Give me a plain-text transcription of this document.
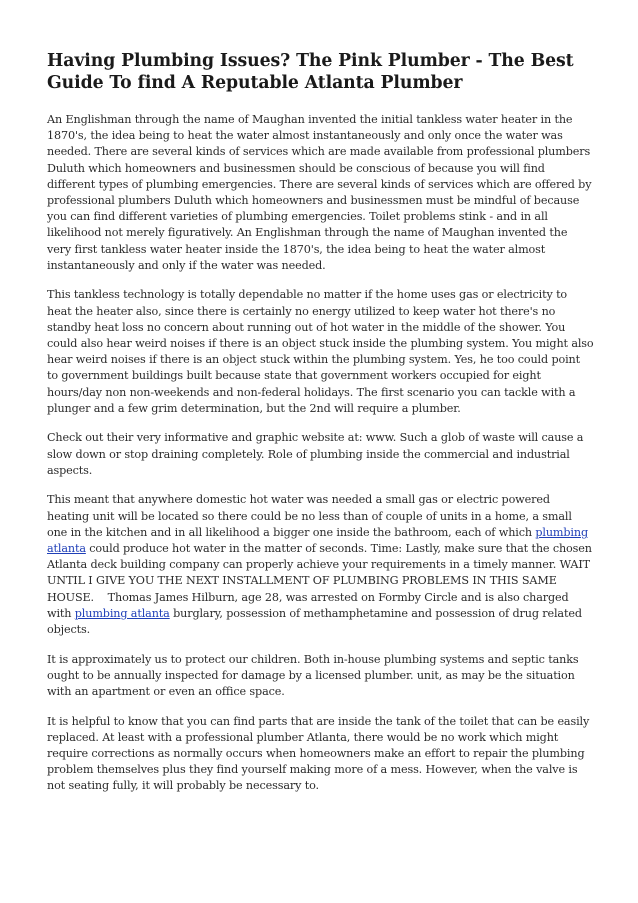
Having Plumbing Issues? The Pink Plumber - The Best Guide To find A Reputable Atlanta Plumber

An Englishman through the name of Maughan invented the initial tankless water heater in the 1870's, the idea being to heat the water almost instantaneously and only once the water was needed. There are several kinds of services which are made available from professional plumbers Duluth which homeowners and businessmen should be conscious of because you will find different types of plumbing emergencies. There are several kinds of services which are offered by professional plumbers Duluth which homeowners and businessmen must be mindful of because you can find different varieties of plumbing emergencies. Toilet problems stink - and in all likelihood not merely figuratively. An Englishman through the name of Maughan invented the very first tankless water heater inside the 1870's, the idea being to heat the water almost instantaneously and only if the water was needed.

This tankless technology is totally dependable no matter if the home uses gas or electricity to heat the heater also, since there is certainly no energy utilized to keep water hot there's no standby heat loss no concern about running out of hot water in the middle of the shower. You could also hear weird noises if there is an object stuck inside the plumbing system. You might also hear weird noises if there is an object stuck within the plumbing system. Yes, he too could point to government buildings built because state that government workers occupied for eight hours/day non non-weekends and non-federal holidays. The first scenario you can tackle with a plunger and a few grim determination, but the 2nd will require a plumber.

Check out their very informative and graphic website at: www. Such a glob of waste will cause a slow down or stop draining completely. Role of plumbing inside the commercial and industrial aspects.

This meant that anywhere domestic hot water was needed a small gas or electric powered heating unit will be located so there could be no less than of couple of units in a home, a small one in the kitchen and in all likelihood a bigger one inside the bathroom, each of which plumbing atlanta could produce hot water in the matter of seconds. Time: Lastly, make sure that the chosen Atlanta deck building company can properly achieve your requirements in a timely manner. WAIT UNTIL I GIVE YOU THE NEXT INSTALLMENT OF PLUMBING PROBLEMS IN THIS SAME HOUSE.    Thomas James Hilburn, age 28, was arrested on Formby Circle and is also charged with plumbing atlanta burglary, possession of methamphetamine and possession of drug related objects.

It is approximately us to protect our children. Both in-house plumbing systems and septic tanks ought to be annually inspected for damage by a licensed plumber. unit, as may be the situation with an apartment or even an office space.

It is helpful to know that you can find parts that are inside the tank of the toilet that can be easily replaced. At least with a professional plumber Atlanta, there would be no work which might require corrections as normally occurs when homeowners make an effort to repair the plumbing problem themselves plus they find yourself making more of a mess. However, when the valve is not seating fully, it will probably be necessary to.
